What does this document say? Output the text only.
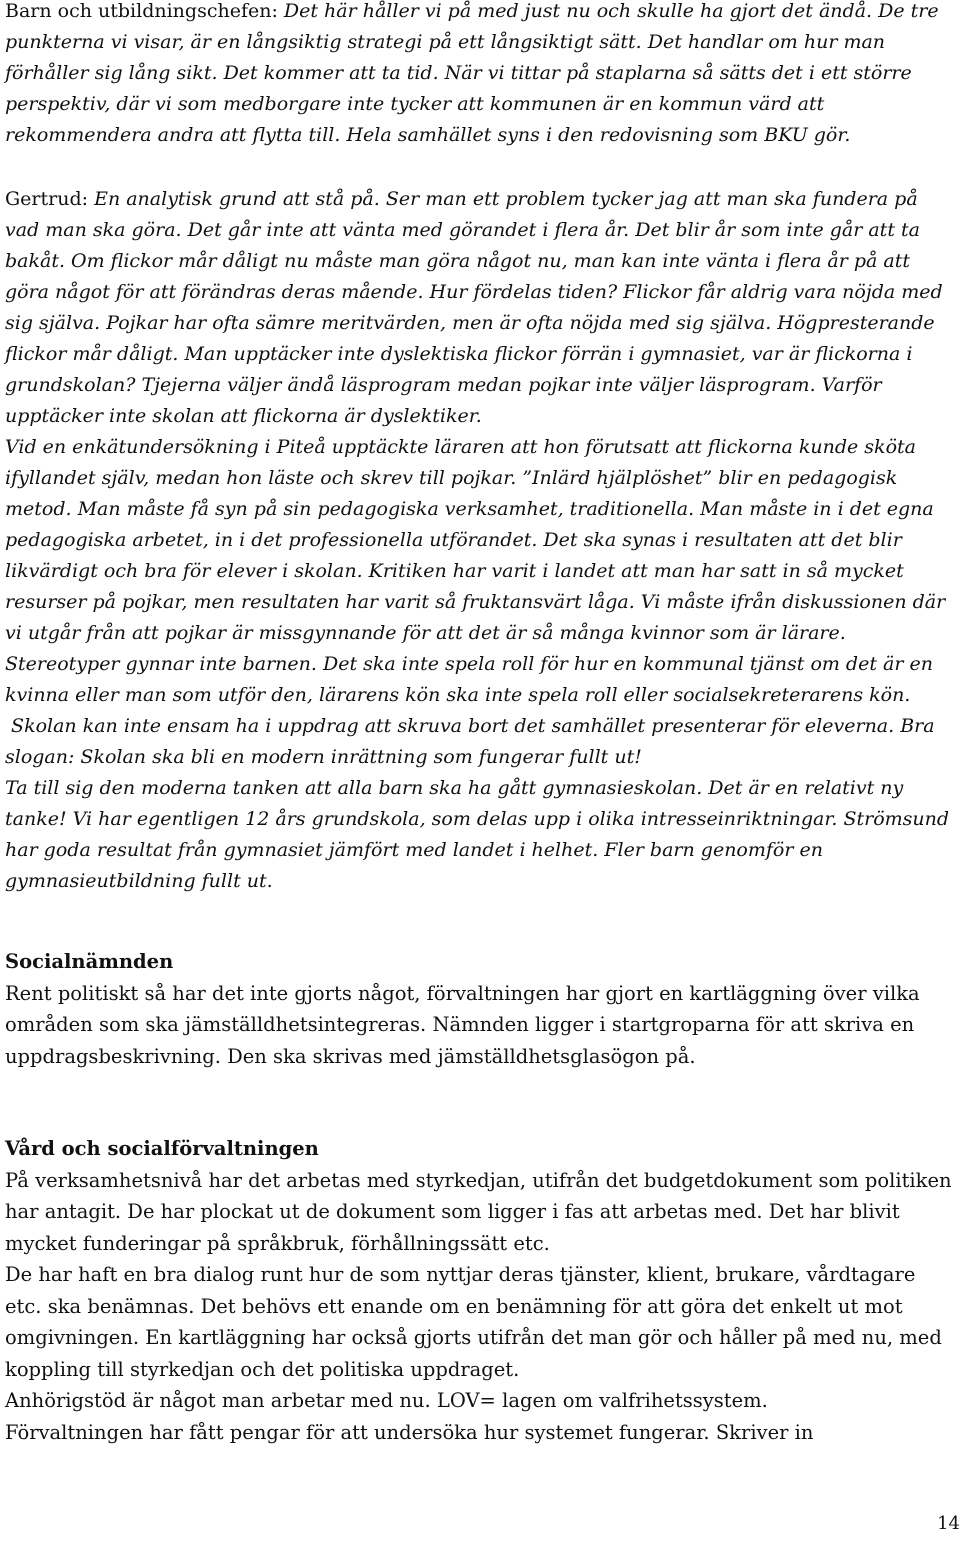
Barn och utbildningschefen: Det här håller vi på med just nu och skulle ha gjort det ändå. De tre punkterna vi visar, är en långsiktig strategi på ett långsiktigt sätt. Det handlar om hur man förhåller sig lång sikt. Det kommer att ta tid. När vi tittar på staplarna så sätts det i ett större perspektiv, där vi som medborgare inte tycker att kommunen är en kommun värd att rekommendera andra att flytta till. Hela samhället syns i den redovisning som BKU gör.

Gertrud: En analytisk grund att stå på. Ser man ett problem tycker jag att man ska fundera på vad man ska göra. Det går inte att vänta med görandet i flera år. Det blir år som inte går att ta bakåt. Om flickor mår dåligt nu måste man göra något nu, man kan inte vänta i flera år på att göra något för att förändras deras mående. Hur fördelas tiden? Flickor får aldrig vara nöjda med sig själva. Pojkar har ofta sämre meritvärden, men är ofta nöjda med sig själva. Högpresterande flickor mår dåligt. Man upptäcker inte dyslektiska flickor förrän i gymnasiet, var är flickorna i grundskolan? Tjejerna väljer ändå läsprogram medan pojkar inte väljer läsprogram. Varför upptäcker inte skolan att flickorna är dyslektiker.

Vid en enkätundersökning i Piteå upptäckte läraren att hon förutsatt att flickorna kunde sköta ifyllandet själv, medan hon läste och skrev till pojkar. ”Inlärd hjälplöshet” blir en pedagogisk metod. Man måste få syn på sin pedagogiska verksamhet, traditionella. Man måste in i det egna pedagogiska arbetet, in i det professionella utförandet. Det ska synas i resultaten att det blir likvärdigt och bra för elever i skolan. Kritiken har varit i landet att man har satt in så mycket resurser på pojkar, men resultaten har varit så fruktansvärt låga. Vi måste ifrån diskussionen där vi utgår från att pojkar är missgynnande för att det är så många kvinnor som är lärare. Stereotyper gynnar inte barnen. Det ska inte spela roll för hur en kommunal tjänst om det är en kvinna eller man som utför den, lärarens kön ska inte spela roll eller socialsekreterarens kön.

Skolan kan inte ensam ha i uppdrag att skruva bort det samhället presenterar för eleverna. Bra slogan: Skolan ska bli en modern inrättning som fungerar fullt ut!

Ta till sig den moderna tanken att alla barn ska ha gått gymnasieskolan. Det är en relativt ny tanke! Vi har egentligen 12 års grundskola, som delas upp i olika intresseinriktningar. Strömsund har goda resultat från gymnasiet jämfört med landet i helhet. Fler barn genomför en gymnasieutbildning fullt ut.

Socialnämnden

Rent politiskt så har det inte gjorts något, förvaltningen har gjort en kartläggning över vilka områden som ska jämställdhetsintegreras. Nämnden ligger i startgroparna för att skriva en uppdragsbeskrivning. Den ska skrivas med jämställdhetsglasögon på.

Vård och socialförvaltningen

På verksamhetsnivå har det arbetas med styrkedjan, utifrån det budgetdokument som politiken har antagit. De har plockat ut de dokument som ligger i fas att arbetas med. Det har blivit mycket funderingar på språkbruk, förhållningssätt etc.

De har haft en bra dialog runt hur de som nyttjar deras tjänster, klient, brukare, vårdtagare etc. ska benämnas. Det behövs ett enande om en benämning för att göra det enkelt ut mot omgivningen. En kartläggning har också gjorts utifrån det man gör och håller på med nu, med koppling till styrkedjan och det politiska uppdraget.

Anhörigstöd är något man arbetar med nu. LOV= lagen om valfrihetssystem.

Förvaltningen har fått pengar för att undersöka hur systemet fungerar. Skriver in

14
